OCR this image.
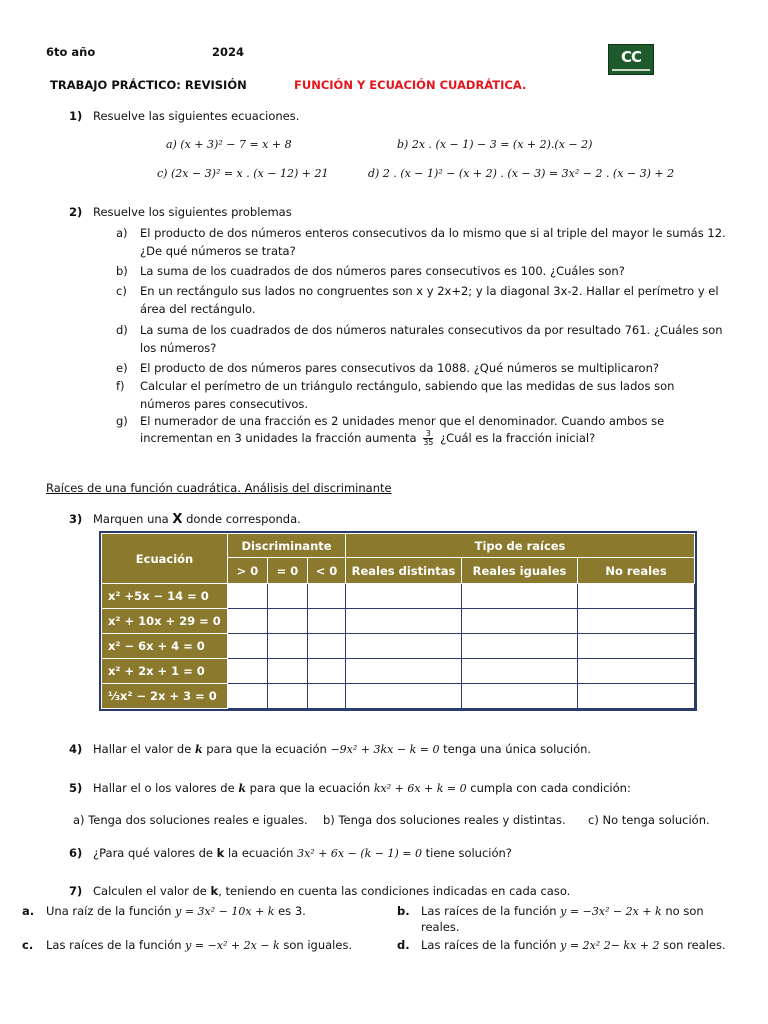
6to año	2024	CC
TRABAJO PRÁCTICO: REVISIÓN	FUNCIÓN Y ECUACIÓN CUADRÁTICA.
1) Resuelve las siguientes ecuaciones.
a) (x + 3)² − 7 = x + 8	b) 2x . (x − 1) − 3 = (x + 2).(x − 2)
c) (2x − 3)² = x . (x − 12) + 21	d) 2 . (x − 1)² − (x + 2) . (x − 3) = 3x² − 2 . (x − 3) + 2
2) Resuelve los siguientes problemas
a) El producto de dos números enteros consecutivos da lo mismo que si al triple del mayor le sumás 12. ¿De qué números se trata?
b) La suma de los cuadrados de dos números pares consecutivos es 100. ¿Cuáles son?
c) En un rectángulo sus lados no congruentes son x y 2x+2; y la diagonal 3x-2. Hallar el perímetro y el área del rectángulo.
d) La suma de los cuadrados de dos números naturales consecutivos da por resultado 761. ¿Cuáles son los números?
e) El producto de dos números pares consecutivos da 1088. ¿Qué números se multiplicaron?
f) Calcular el perímetro de un triángulo rectángulo, sabiendo que las medidas de sus lados son números pares consecutivos.
g) El numerador de una fracción es 2 unidades menor que el denominador. Cuando ambos se
incrementan en 3 unidades la fracción aumenta $\frac{3}{35}$ ¿Cuál es la fracción inicial?
Raíces de una función cuadrática. Análisis del discriminante
3) Marquen una X donde corresponda.
Ecuación	Discriminante			Tipo de raíces		
	> 0	= 0	< 0	Reales distintas	Reales iguales	No reales
x² +5x − 14 = 0						
x² + 10x + 29 = 0						
x² − 6x + 4 = 0						
x² + 2x + 1 = 0						
⅓x² − 2x + 3 = 0						
4) Hallar el valor de k para que la ecuación −9x² + 3kx − k = 0 tenga una única solución.
5) Hallar el o los valores de k para que la ecuación kx² + 6x + k = 0 cumpla con cada condición:
a) Tenga dos soluciones reales e iguales. b) Tenga dos soluciones reales y distintas. c) No tenga solución.
6) ¿Para qué valores de k la ecuación 3x² + 6x − (k − 1) = 0 tiene solución?
7) Calculen el valor de k, teniendo en cuenta las condiciones indicadas en cada caso.
a. Una raíz de la función y = 3x² − 10x + k es 3.	b. Las raíces de la función y = −3x² − 2x + k no son
reales.
c. Las raíces de la función y = −x² + 2x − k son iguales.	d. Las raíces de la función y = 2x² 2− kx + 2 son reales.
